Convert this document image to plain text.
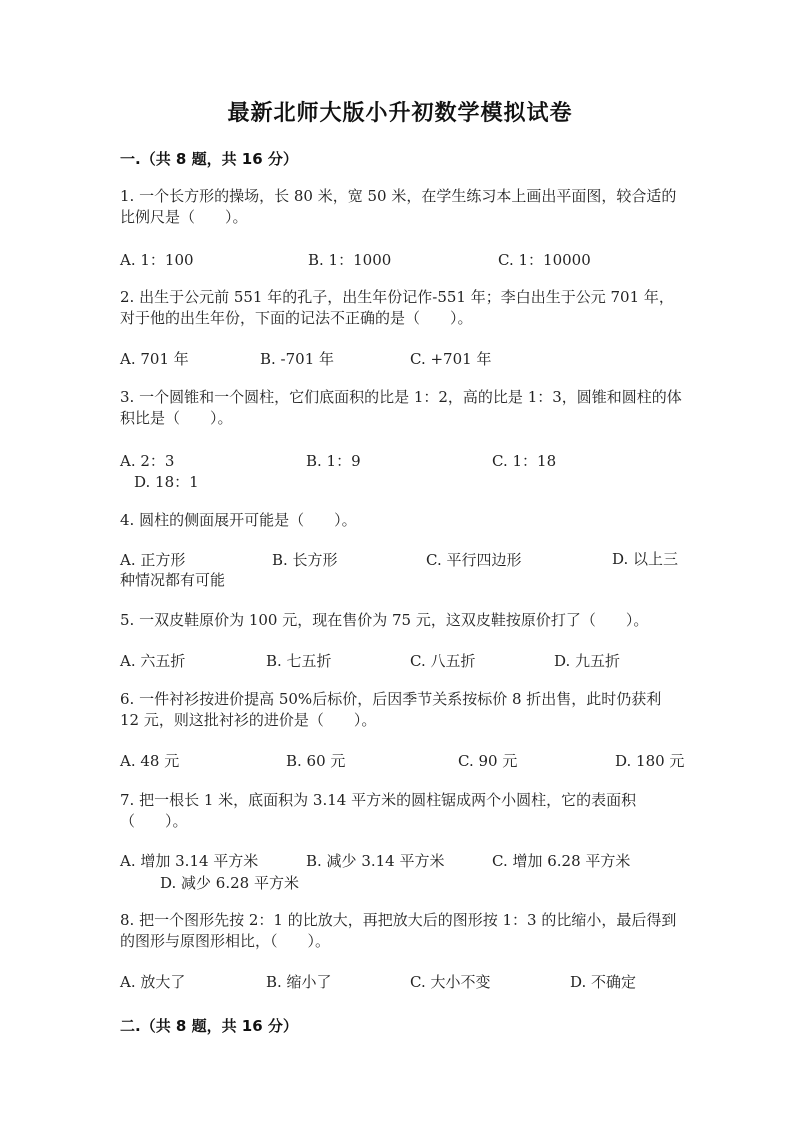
最新北师大版小升初数学模拟试卷
一.（共 8 题，共 16 分）
1. 一个长方形的操场，长 80 米，宽 50 米，在学生练习本上画出平面图，较合适的比例尺是（　　）。
A. 1：100	B. 1：1000	C. 1：10000
2. 出生于公元前 551 年的孔子，出生年份记作-551 年；李白出生于公元 701 年，对于他的出生年份，下面的记法不正确的是（　　）。
A. 701 年	B. -701 年	C. +701 年
3. 一个圆锥和一个圆柱，它们底面积的比是 1：2，高的比是 1：3，圆锥和圆柱的体积比是（　　）。
A. 2：3	B. 1：9	C. 1：18
D. 18：1
4. 圆柱的侧面展开可能是（　　）。
A. 正方形	B. 长方形	C. 平行四边形	D. 以上三种情况都有可能
5. 一双皮鞋原价为 100 元，现在售价为 75 元，这双皮鞋按原价打了（　　）。
A. 六五折	B. 七五折	C. 八五折	D. 九五折
6. 一件衬衫按进价提高 50%后标价，后因季节关系按标价 8 折出售，此时仍获利 12 元，则这批衬衫的进价是（　　）。
A. 48 元	B. 60 元	C. 90 元	D. 180 元
7. 把一根长 1 米，底面积为 3.14 平方米的圆柱锯成两个小圆柱，它的表面积（　　）。
A. 增加 3.14 平方米	B. 减少 3.14 平方米	C. 增加 6.28 平方米
D. 减少 6.28 平方米
8. 把一个图形先按 2：1 的比放大，再把放大后的图形按 1：3 的比缩小，最后得到的图形与原图形相比，（　　）。
A. 放大了	B. 缩小了	C. 大小不变	D. 不确定
二.（共 8 题，共 16 分）
